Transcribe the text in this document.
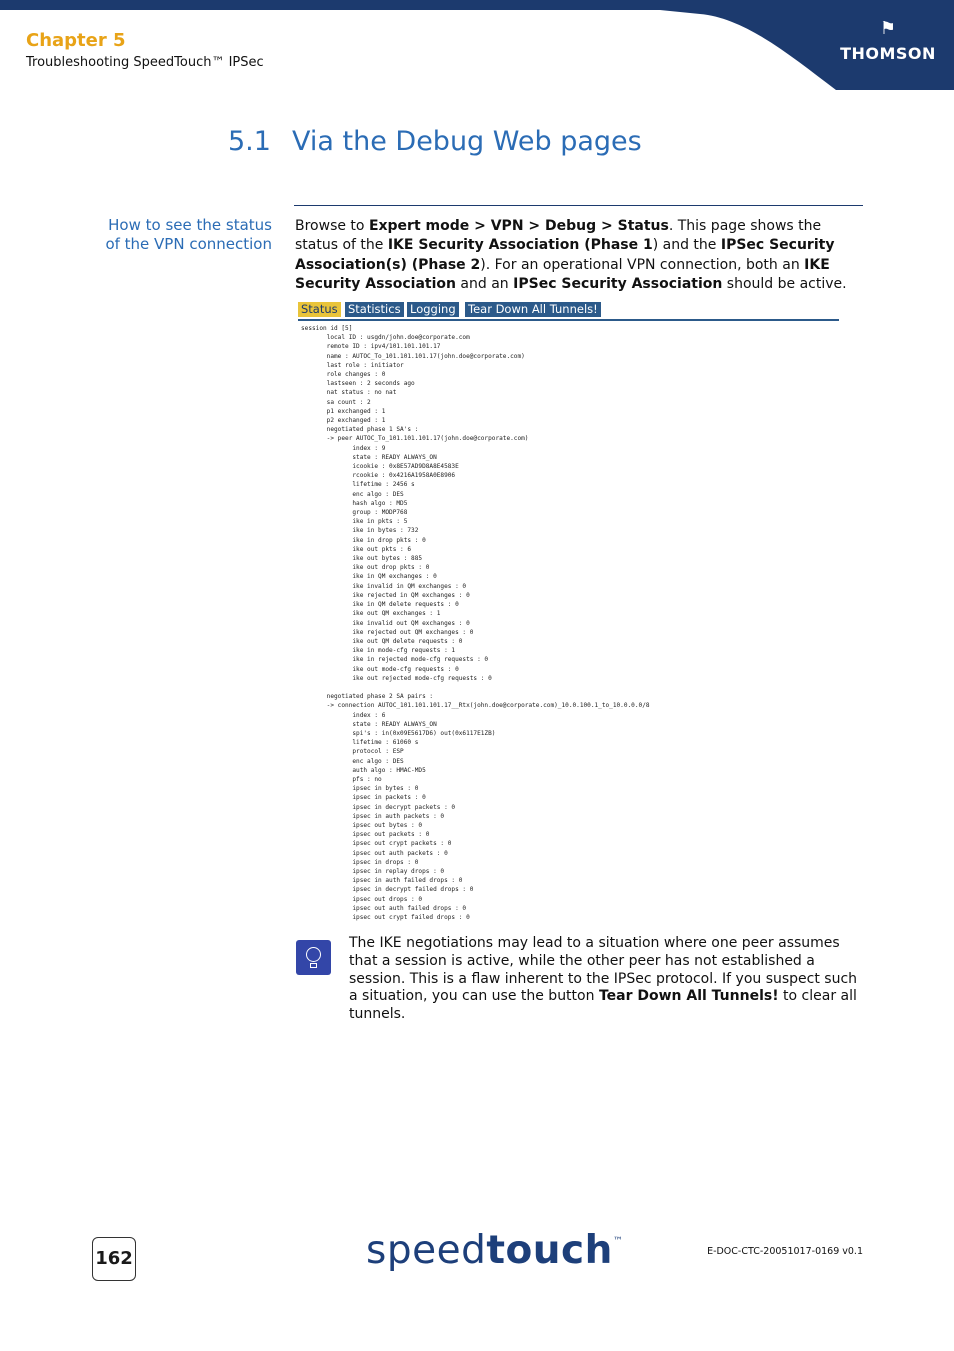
Chapter 5
Troubleshooting SpeedTouch™ IPSec
⚑
THOMSON
5.1 Via the Debug Web pages
How to see the status
of the VPN connection
Browse to Expert mode > VPN > Debug > Status. This page shows the status of the IKE Security Association (Phase 1) and the IPSec Security Association(s) (Phase 2). For an operational VPN connection, both an IKE Security Association and an IPSec Security Association should be active.
Status Statistics Logging Tear Down All Tunnels!
session id [5]
local ID : usgdn/john.doe@corporate.com
remote ID : ipv4/101.101.101.17
name : AUTOC_To_101.101.101.17(john.doe@corporate.com)
last role : initiator
role changes : 0
lastseen : 2 seconds ago
nat status : no nat
sa count : 2
p1 exchanged : 1
p2 exchanged : 1
negotiated phase 1 SA's :
-> peer AUTOC_To_101.101.101.17(john.doe@corporate.com)
index : 9
state : READY ALWAYS_ON
icookie : 0x8E57AD9D8A8E4583E
rcookie : 0x4216A1958A0E8906
lifetime : 2456 s
enc algo : DES
hash algo : MD5
group : MODP768
ike in pkts : 5
ike in bytes : 732
ike in drop pkts : 0
ike out pkts : 6
ike out bytes : 885
ike out drop pkts : 0
ike in QM exchanges : 0
ike invalid in QM exchanges : 0
ike rejected in QM exchanges : 0
ike in QM delete requests : 0
ike out QM exchanges : 1
ike invalid out QM exchanges : 0
ike rejected out QM exchanges : 0
ike out QM delete requests : 0
ike in mode-cfg requests : 1
ike in rejected mode-cfg requests : 0
ike out mode-cfg requests : 0
ike out rejected mode-cfg requests : 0

negotiated phase 2 SA pairs :
-> connection AUTOC_101.101.101.17__Rtx(john.doe@corporate.com)_10.0.100.1_to_10.0.0.0/8
index : 6
state : READY ALWAYS_ON
spi's : in(0x09E5617D6) out(0x6117E1ZB)
lifetime : 61060 s
protocol : ESP
enc algo : DES
auth algo : HMAC-MD5
pfs : no
ipsec in bytes : 0
ipsec in packets : 0
ipsec in decrypt packets : 0
ipsec in auth packets : 0
ipsec out bytes : 0
ipsec out packets : 0
ipsec out crypt packets : 0
ipsec out auth packets : 0
ipsec in drops : 0
ipsec in replay drops : 0
ipsec in auth failed drops : 0
ipsec in decrypt failed drops : 0
ipsec out drops : 0
ipsec out auth failed drops : 0
ipsec out crypt failed drops : 0
The IKE negotiations may lead to a situation where one peer assumes that a session is active, while the other peer has not established a session. This is a flaw inherent to the IPSec protocol. If you suspect such a situation, you can use the button Tear Down All Tunnels! to clear all tunnels.
162	speedtouch™
E-DOC-CTC-20051017-0169 v0.1
